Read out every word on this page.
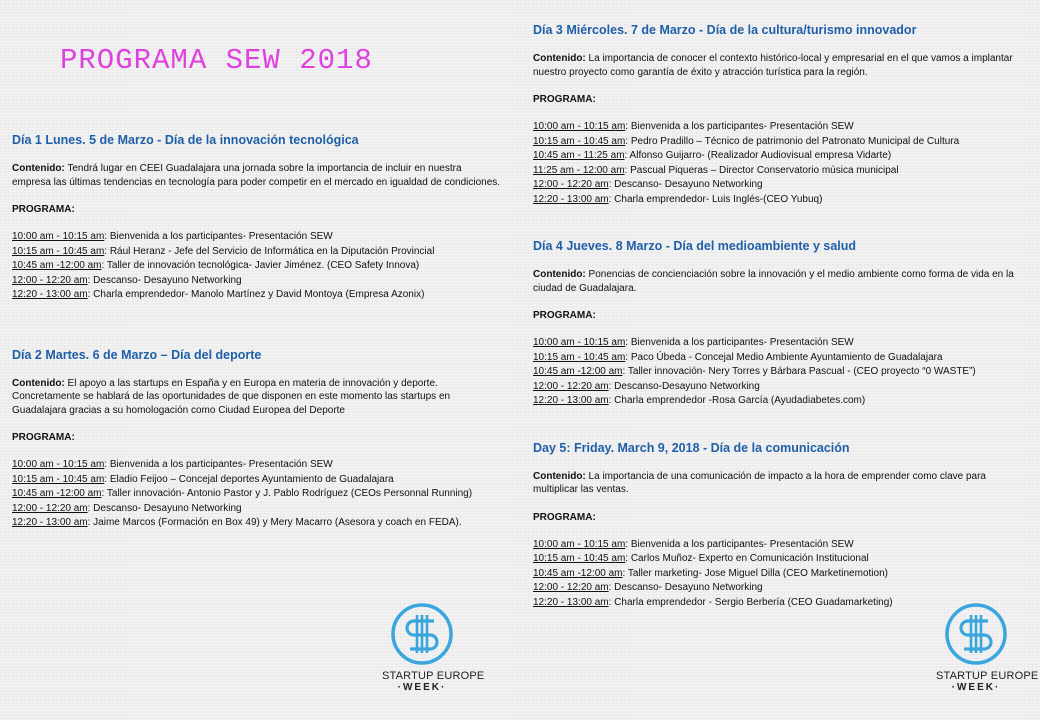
PROGRAMA SEW 2018
Día 1 Lunes. 5 de Marzo - Día de la innovación tecnológica

Contenido: Tendrá lugar en CEEI Guadalajara una jornada sobre la importancia de incluir en nuestra empresa las últimas tendencias en tecnología para poder competir en el mercado en igualdad de condiciones.

PROGRAMA:
10:00 am - 10:15 am: Bienvenida a los participantes- Presentación SEW
10:15 am - 10:45 am: Rául Heranz - Jefe del Servicio de Informática en la Diputación Provincial
10:45 am -12:00 am: Taller de innovación tecnológica- Javier Jiménez. (CEO Safety Innova)
12:00 - 12:20 am: Descanso- Desayuno Networking
12:20 - 13:00 am: Charla emprendedor- Manolo Martínez y David Montoya (Empresa Azonix)
Día 2 Martes. 6 de Marzo – Día del deporte

Contenido: El apoyo a las startups en España y en Europa en materia de innovación y deporte. Concretamente se hablará de las oportunidades de que disponen en este momento las startups en Guadalajara gracias a su homologación como Ciudad Europea del Deporte

PROGRAMA:
10:00 am - 10:15 am: Bienvenida a los participantes- Presentación SEW
10:15 am - 10:45 am: Eladio Feijoo – Concejal deportes Ayuntamiento de Guadalajara
10:45 am -12:00 am: Taller innovación- Antonio Pastor y J. Pablo Rodríguez (CEOs Personnal Running)
12:00 - 12:20 am: Descanso- Desayuno Networking
12:20 - 13:00 am: Jaime Marcos (Formación en Box 49) y Mery Macarro (Asesora y coach en FEDA).
Día 3 Miércoles. 7 de Marzo - Día de la cultura/turismo innovador

Contenido: La importancia de conocer el contexto histórico-local y empresarial en el que vamos a implantar nuestro proyecto como garantía de éxito y atracción turística para la región.

PROGRAMA:
10:00 am - 10:15 am: Bienvenida a los participantes- Presentación SEW
10:15 am - 10:45 am: Pedro Pradillo – Técnico de patrimonio del Patronato Municipal de Cultura
10:45 am - 11:25 am: Alfonso Guijarro- (Realizador Audiovisual empresa Vidarte)
11:25 am - 12:00 am: Pascual Piqueras – Director Conservatorio música municipal
12:00 - 12:20 am: Descanso- Desayuno Networking
12:20 - 13:00 am: Charla emprendedor- Luis Inglés-(CEO Yubuq)
Día 4 Jueves. 8 Marzo - Día del medioambiente y salud

Contenido: Ponencias de concienciación sobre la innovación y el medio ambiente como forma de vida en la ciudad de Guadalajara.

PROGRAMA:
10:00 am - 10:15 am: Bienvenida a los participantes- Presentación SEW
10:15 am - 10:45 am: Paco Úbeda - Concejal Medio Ambiente Ayuntamiento de Guadalajara
10:45 am -12:00 am: Taller innovación- Nery Torres y Bárbara Pascual - (CEO proyecto “0 WASTE”)
12:00 - 12:20 am: Descanso-Desayuno Networking
12:20 - 13:00 am: Charla emprendedor -Rosa García (Ayudadiabetes.com)
Day 5: Friday. March 9, 2018 - Día de la comunicación

Contenido: La importancia de una comunicación de impacto a la hora de emprender como clave para multiplicar las ventas.

PROGRAMA:
10:00 am - 10:15 am: Bienvenida a los participantes- Presentación SEW
10:15 am - 10:45 am: Carlos Muñoz- Experto en Comunicación Institucional
10:45 am -12:00 am: Taller marketing- Jose Miguel Dilla (CEO Marketinemotion)
12:00 - 12:20 am: Descanso- Desayuno Networking
12:20 - 13:00 am: Charla emprendedor - Sergio Berbería (CEO Guadamarketing)
STARTUP EUROPE
·WEEK·
STARTUP EUROPE
·WEEK·
